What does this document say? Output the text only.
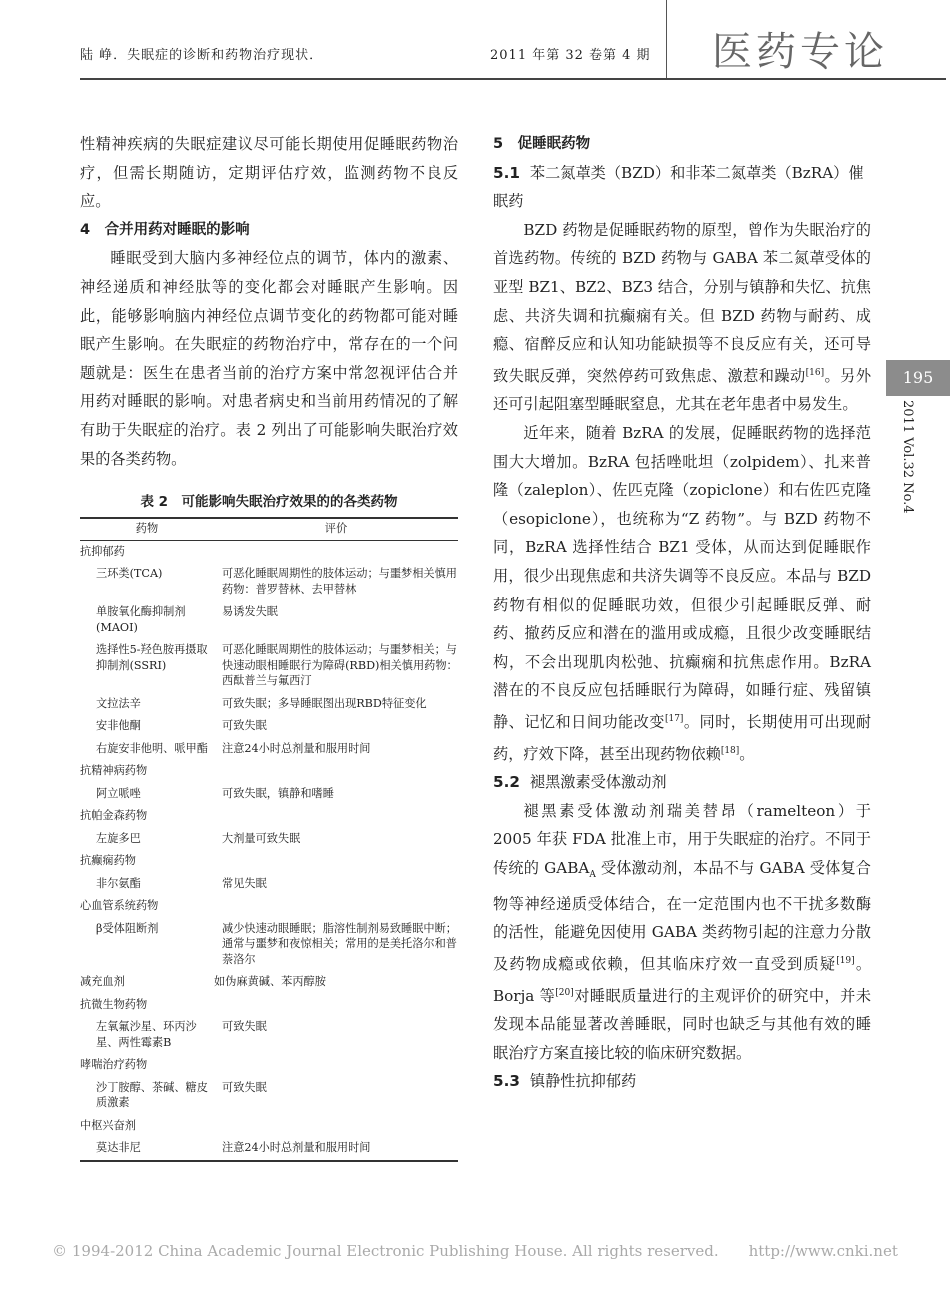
陆 峥．失眠症的诊断和药物治疗现状．	2011 年第 32 卷第 4 期 医药专论

性精神疾病的失眠症建议尽可能长期使用促睡眠药物治疗，但需长期随访，定期评估疗效，监测药物不良反应。

4　合并用药对睡眠的影响

睡眠受到大脑内多神经位点的调节，体内的激素、神经递质和神经肽等的变化都会对睡眠产生影响。因此，能够影响脑内神经位点调节变化的药物都可能对睡眠产生影响。在失眠症的药物治疗中，常存在的一个问题就是：医生在患者当前的治疗方案中常忽视评估合并用药对睡眠的影响。对患者病史和当前用药情况的了解有助于失眠症的治疗。表 2 列出了可能影响失眠治疗效果的各类药物。

表 2　可能影响失眠治疗效果的的各类药物
药物	评价
抗抑郁药	
三环类(TCA)	可恶化睡眠周期性的肢体运动；与噩梦相关慎用药物：普罗替林、去甲替林
单胺氧化酶抑制剂(MAOI)	易诱发失眠
选择性5-羟色胺再摄取抑制剂(SSRI)	可恶化睡眠周期性的肢体运动；与噩梦相关；与快速动眼相睡眠行为障碍(RBD)相关慎用药物：西酞普兰与氟西汀
文拉法辛	可致失眠；多导睡眠图出现RBD特征变化
安非他酮	可致失眠
右旋安非他明、哌甲酯	注意24小时总剂量和服用时间
抗精神病药物	
阿立哌唑	可致失眠，镇静和嗜睡
抗帕金森药物	
左旋多巴	大剂量可致失眠
抗癫痫药物	
非尔氨酯	常见失眠
心血管系统药物	
β受体阻断剂	减少快速动眼睡眠；脂溶性制剂易致睡眠中断；通常与噩梦和夜惊相关；常用的是美托洛尔和普萘洛尔
减充血剂	如伪麻黄碱、苯丙醇胺
抗微生物药物	
左氧氟沙星、环丙沙星、两性霉素B	可致失眠
哮喘治疗药物	
沙丁胺醇、茶碱、糖皮质激素	可致失眠
中枢兴奋剂	
莫达非尼	注意24小时总剂量和服用时间

5　促睡眠药物

5.1 苯二氮䓬类（BZD）和非苯二氮䓬类（BzRA）催眠药

BZD 药物是促睡眠药物的原型，曾作为失眠治疗的首选药物。传统的 BZD 药物与 GABA 苯二氮䓬受体的亚型 BZ1、BZ2、BZ3 结合，分别与镇静和失忆、抗焦虑、共济失调和抗癫痫有关。但 BZD 药物与耐药、成瘾、宿醉反应和认知功能缺损等不良反应有关，还可导致失眠反弹，突然停药可致焦虑、激惹和躁动[16]。另外还可引起阻塞型睡眠窒息，尤其在老年患者中易发生。

近年来，随着 BzRA 的发展，促睡眠药物的选择范围大大增加。BzRA 包括唑吡坦（zolpidem）、扎来普隆（zaleplon）、佐匹克隆（zopiclone）和右佐匹克隆（esopiclone），也统称为“Z 药物”。与 BZD 药物不同，BzRA 选择性结合 BZ1 受体，从而达到促睡眠作用，很少出现焦虑和共济失调等不良反应。本品与 BZD 药物有相似的促睡眠功效，但很少引起睡眠反弹、耐药、撤药反应和潜在的滥用或成瘾，且很少改变睡眠结构，不会出现肌肉松弛、抗癫痫和抗焦虑作用。BzRA 潜在的不良反应包括睡眠行为障碍，如睡行症、残留镇静、记忆和日间功能改变[17]。同时，长期使用可出现耐药，疗效下降，甚至出现药物依赖[18]。

5.2 褪黑激素受体激动剂

褪黑素受体激动剂瑞美替昂（ramelteon）于 2005 年获 FDA 批准上市，用于失眠症的治疗。不同于传统的 $GABA_A$ 受体激动剂，本品不与 GABA 受体复合物等神经递质受体结合，在一定范围内也不干扰多数酶的活性，能避免因使用 GABA 类药物引起的注意力分散及药物成瘾或依赖，但其临床疗效一直受到质疑[19]。Borja 等[20]对睡眠质量进行的主观评价的研究中，并未发现本品能显著改善睡眠，同时也缺乏与其他有效的睡眠治疗方案直接比较的临床研究数据。

5.3 镇静性抗抑郁药

195
2011 Vol.32 No.4
© 1994-2012 China Academic Journal Electronic Publishing House. All rights reserved.　　http://www.cnki.net
